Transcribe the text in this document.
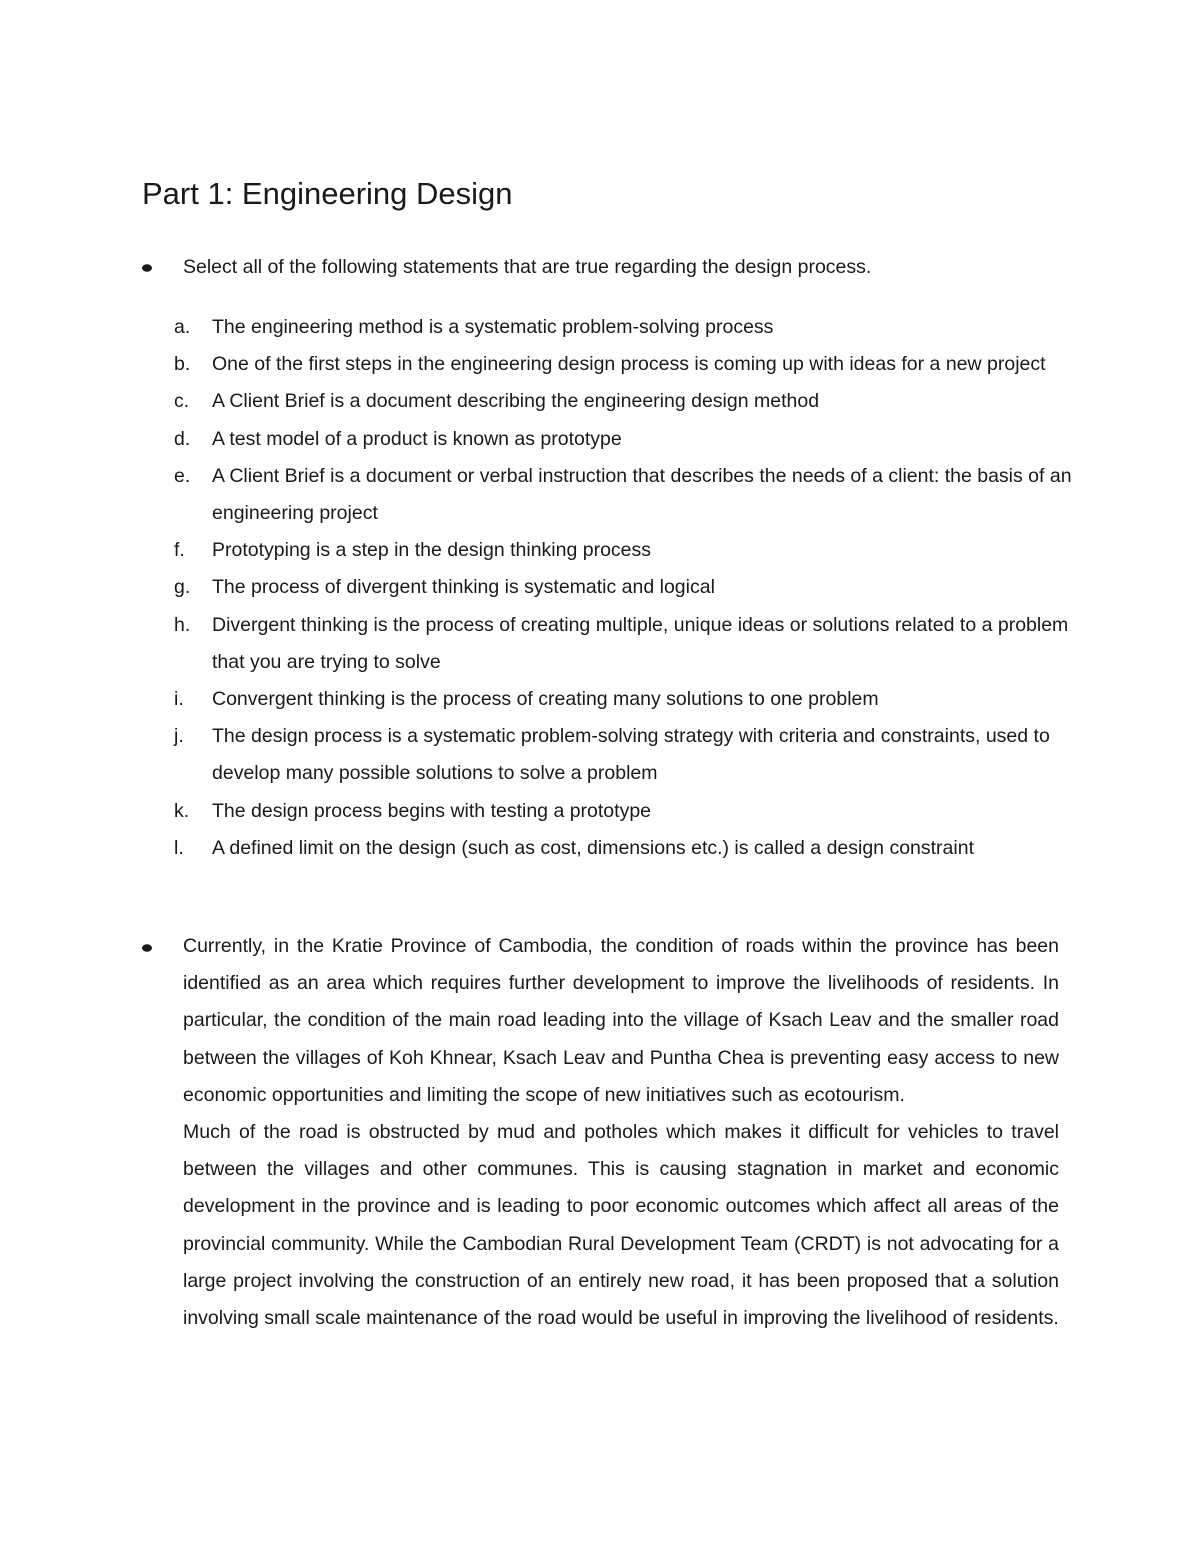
Part 1: Engineering Design
Select all of the following statements that are true regarding the design process.
a. The engineering method is a systematic problem-solving process
b. One of the first steps in the engineering design process is coming up with ideas for a new project
c. A Client Brief is a document describing the engineering design method
d. A test model of a product is known as prototype
e. A Client Brief is a document or verbal instruction that describes the needs of a client: the basis of an engineering project
f. Prototyping is a step in the design thinking process
g. The process of divergent thinking is systematic and logical
h. Divergent thinking is the process of creating multiple, unique ideas or solutions related to a problem that you are trying to solve
i. Convergent thinking is the process of creating many solutions to one problem
j. The design process is a systematic problem-solving strategy with criteria and constraints, used to develop many possible solutions to solve a problem
k. The design process begins with testing a prototype
l. A defined limit on the design (such as cost, dimensions etc.) is called a design constraint

Currently, in the Kratie Province of Cambodia, the condition of roads within the province has been identified as an area which requires further development to improve the livelihoods of residents. In particular, the condition of the main road leading into the village of Ksach Leav and the smaller road between the villages of Koh Khnear, Ksach Leav and Puntha Chea is preventing easy access to new economic opportunities and limiting the scope of new initiatives such as ecotourism.

Much of the road is obstructed by mud and potholes which makes it difficult for vehicles to travel between the villages and other communes. This is causing stagnation in market and economic development in the province and is leading to poor economic outcomes which affect all areas of the provincial community. While the Cambodian Rural Development Team (CRDT) is not advocating for a large project involving the construction of an entirely new road, it has been proposed that a solution involving small scale maintenance of the road would be useful in improving the livelihood of residents.
